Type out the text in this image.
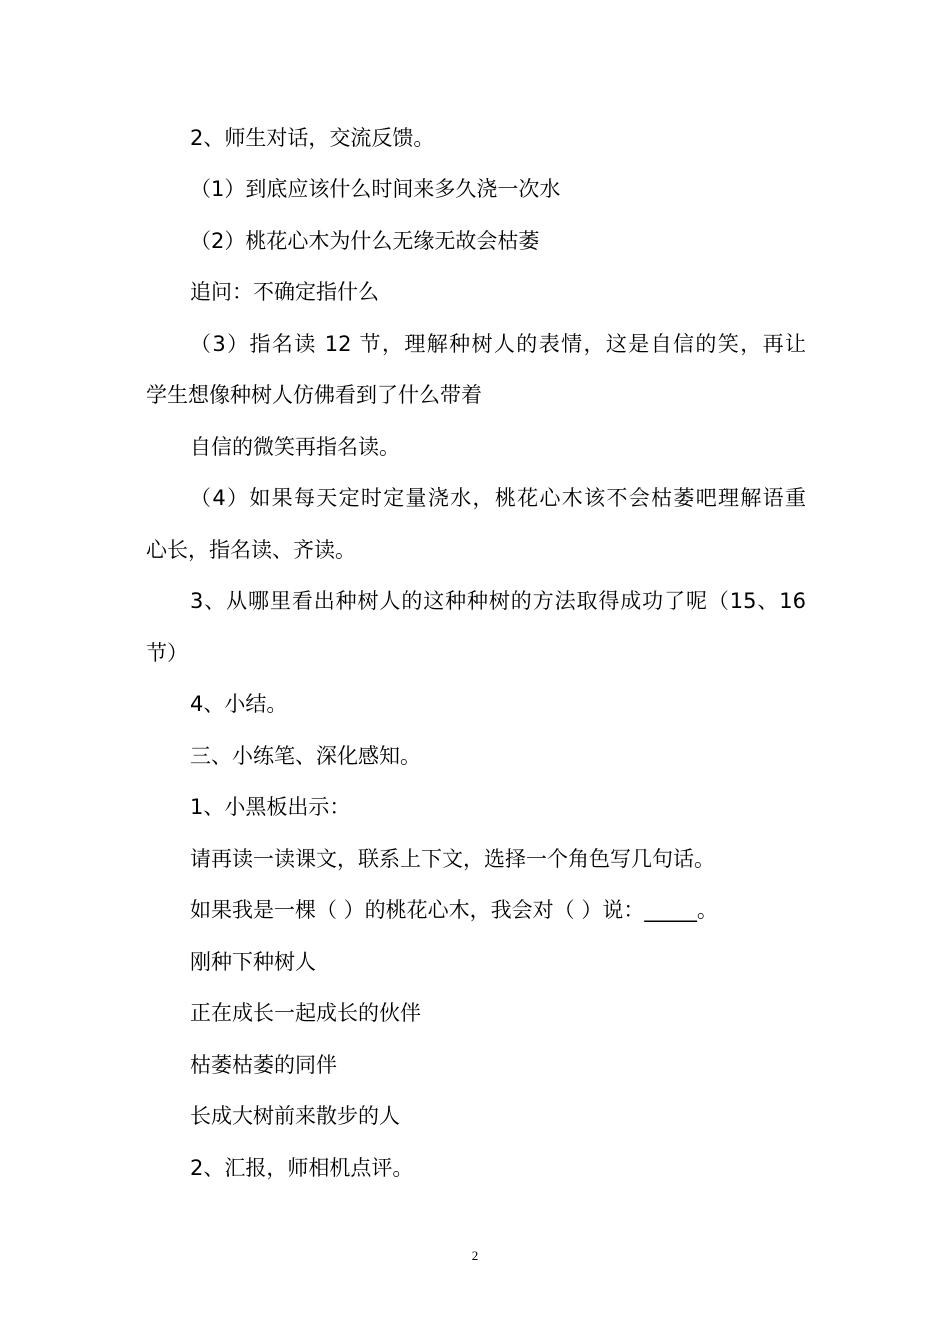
2、师生对话，交流反馈。
（1）到底应该什么时间来多久浇一次水
（2）桃花心木为什么无缘无故会枯萎
追问：不确定指什么
（3）指名读 12 节，理解种树人的表情，这是自信的笑，再让
学生想像种树人仿佛看到了什么带着
自信的微笑再指名读。
（4）如果每天定时定量浇水，桃花心木该不会枯萎吧理解语重
心长，指名读、齐读。
3、从哪里看出种树人的这种种树的方法取得成功了呢（15、16
节）
4、小结。
三、小练笔、深化感知。
1、小黑板出示：
请再读一读课文，联系上下文，选择一个角色写几句话。
如果我是一棵（ ）的桃花心木，我会对（ ）说：_____。
刚种下种树人
正在成长一起成长的伙伴
枯萎枯萎的同伴
长成大树前来散步的人
2、汇报，师相机点评。
2
